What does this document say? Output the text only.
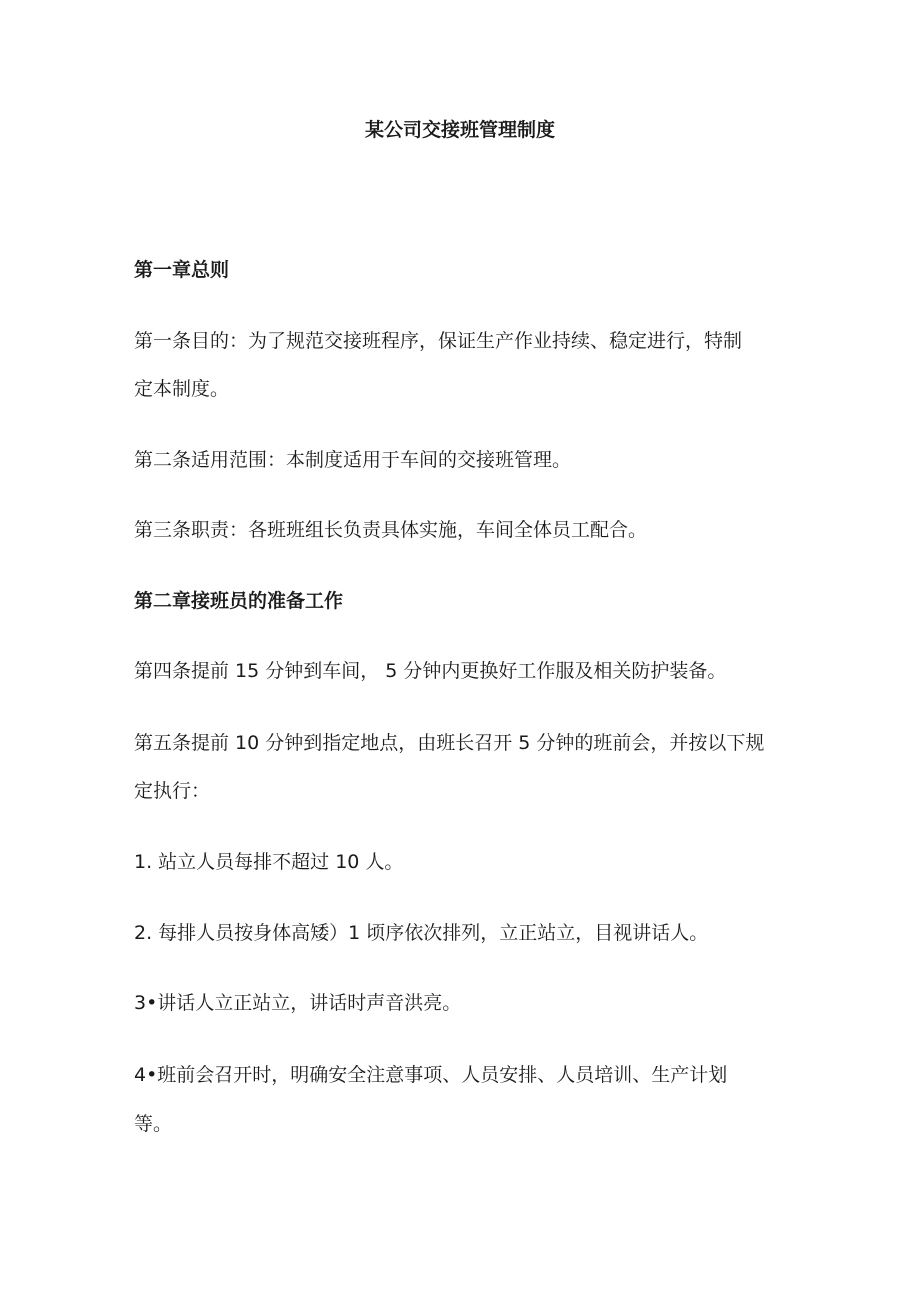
某公司交接班管理制度

第一章总则

第一条目的：为了规范交接班程序，保证生产作业持续、稳定进行，特制

定本制度。

第二条适用范围：本制度适用于车间的交接班管理。

第三条职责：各班班组长负责具体实施，车间全体员工配合。

第二章接班员的准备工作

第四条提前 15 分钟到车间， 5 分钟内更换好工作服及相关防护装备。

第五条提前 10 分钟到指定地点，由班长召开 5 分钟的班前会，并按以下规

定执行：

1. 站立人员每排不超过 10 人。

2. 每排人员按身体高矮）1 顷序依次排列，立正站立，目视讲话人。

3•讲话人立正站立，讲话时声音洪亮。

4•班前会召开时，明确安全注意事项、人员安排、人员培训、生产计划

等。
